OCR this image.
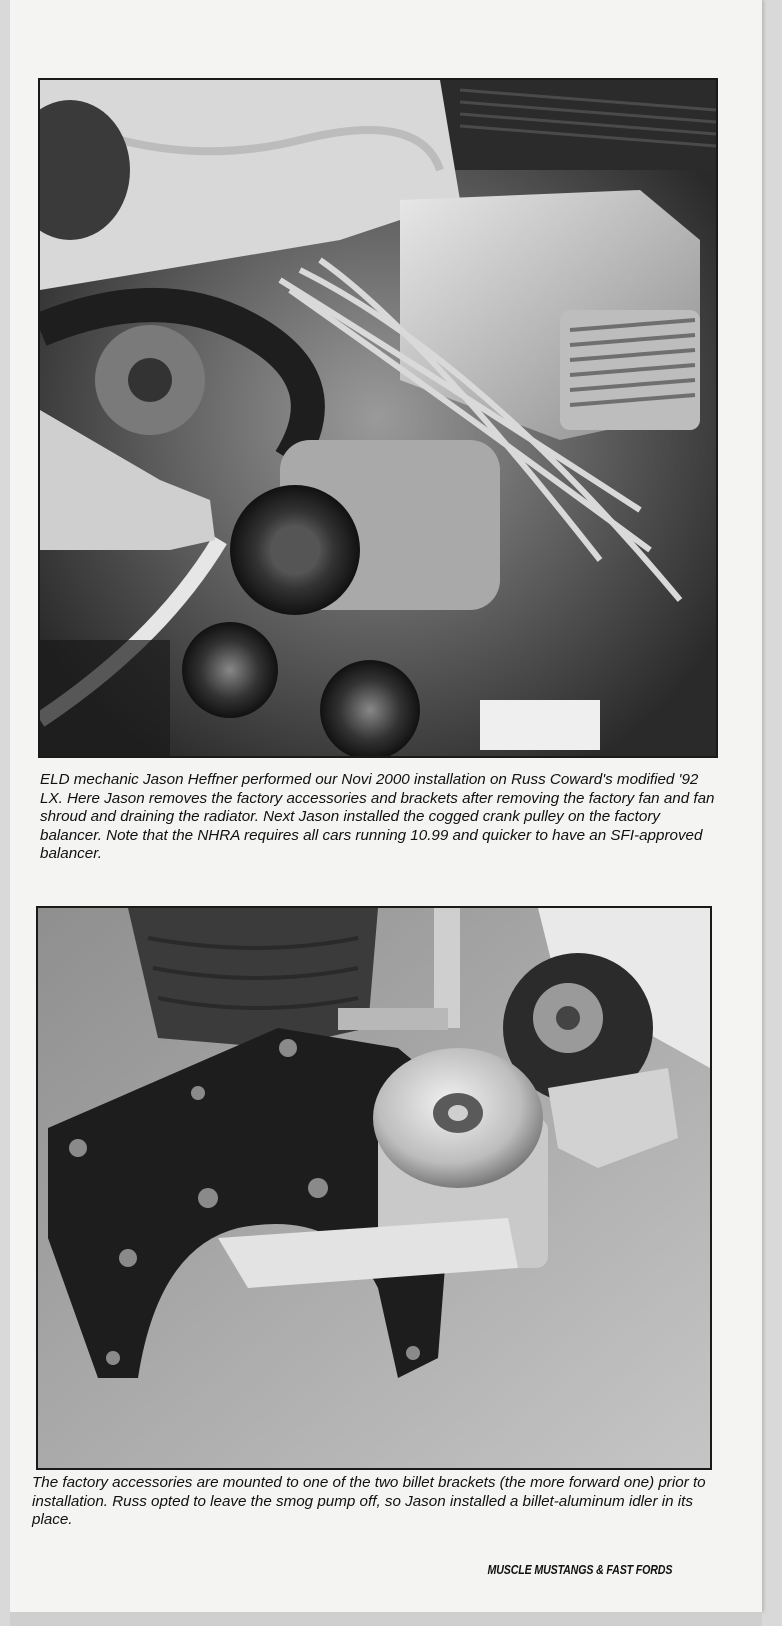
ELD mechanic Jason Heffner performed our Novi 2000 installation on Russ Coward's modified '92 LX. Here Jason removes the factory accessories and brackets after removing the factory fan and fan shroud and draining the radiator. Next Jason installed the cogged crank pulley on the factory balancer. Note that the NHRA requires all cars running 10.99 and quicker to have an SFI-approved balancer.

The factory accessories are mounted to one of the two billet brackets (the more forward one) prior to installation. Russ opted to leave the smog pump off, so Jason installed a billet-aluminum idler in its place.

MUSCLE MUSTANGS & FAST FORDS
